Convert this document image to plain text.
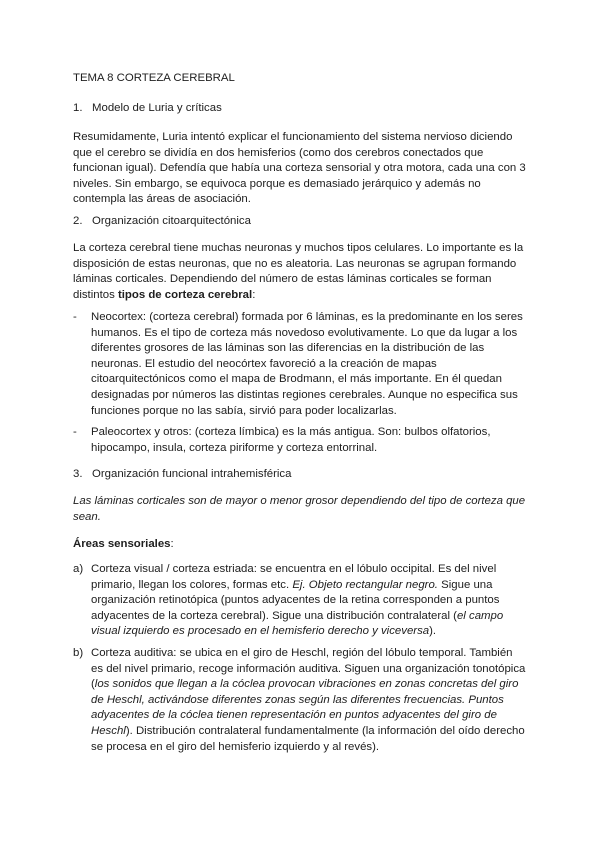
TEMA 8 CORTEZA CEREBRAL
1. Modelo de Luria y críticas

Resumidamente, Luria intentó explicar el funcionamiento del sistema nervioso diciendo que el cerebro se dividía en dos hemisferios (como dos cerebros conectados que funcionan igual). Defendía que había una corteza sensorial y otra motora, cada una con 3 niveles. Sin embargo, se equivoca porque es demasiado jerárquico y además no contempla las áreas de asociación.

2. Organización citoarquitectónica

La corteza cerebral tiene muchas neuronas y muchos tipos celulares. Lo importante es la disposición de estas neuronas, que no es aleatoria. Las neuronas se agrupan formando láminas corticales. Dependiendo del número de estas láminas corticales se forman distintos tipos de corteza cerebral:

- Neocortex: (corteza cerebral) formada por 6 láminas, es la predominante en los seres humanos. Es el tipo de corteza más novedoso evolutivamente. Lo que da lugar a los diferentes grosores de las láminas son las diferencias en la distribución de las neuronas. El estudio del neocórtex favoreció a la creación de mapas citoarquitectónicos como el mapa de Brodmann, el más importante. En él quedan designadas por números las distintas regiones cerebrales. Aunque no especifica sus funciones porque no las sabía, sirvió para poder localizarlas.

- Paleocortex y otros: (corteza límbica) es la más antigua. Son: bulbos olfatorios, hipocampo, insula, corteza piriforme y corteza entorrinal.

3. Organización funcional intrahemisférica

Las láminas corticales son de mayor o menor grosor dependiendo del tipo de corteza que sean.

Áreas sensoriales:

a) Corteza visual / corteza estriada: se encuentra en el lóbulo occipital. Es del nivel primario, llegan los colores, formas etc. Ej. Objeto rectangular negro. Sigue una organización retinotópica (puntos adyacentes de la retina corresponden a puntos adyacentes de la corteza cerebral). Sigue una distribución contralateral (el campo visual izquierdo es procesado en el hemisferio derecho y viceversa).

b) Corteza auditiva: se ubica en el giro de Heschl, región del lóbulo temporal. También es del nivel primario, recoge información auditiva. Siguen una organización tonotópica (los sonidos que llegan a la cóclea provocan vibraciones en zonas concretas del giro de Heschl, activándose diferentes zonas según las diferentes frecuencias. Puntos adyacentes de la cóclea tienen representación en puntos adyacentes del giro de Heschl). Distribución contralateral fundamentalmente (la información del oído derecho se procesa en el giro del hemisferio izquierdo y al revés).
